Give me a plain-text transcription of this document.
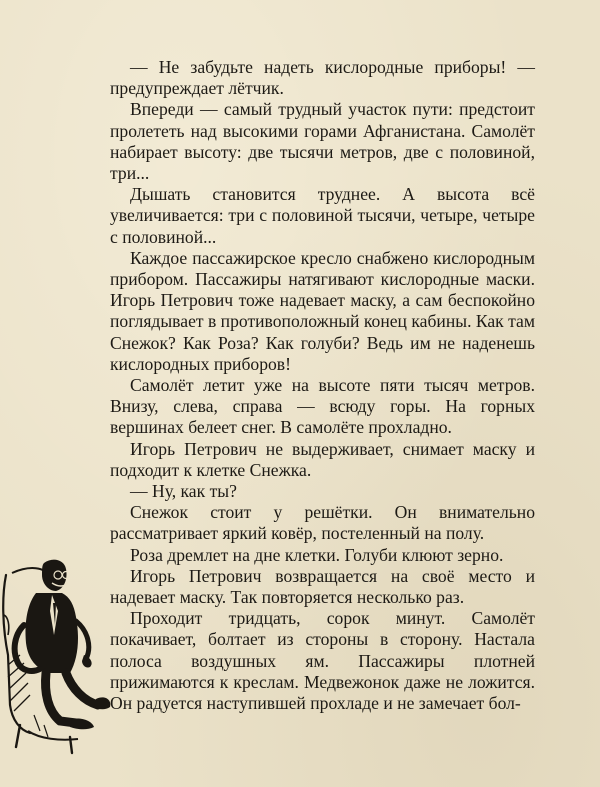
— Не забудьте надеть кислородные приборы! — предупреждает лётчик.

Впереди — самый трудный участок пути: предстоит пролететь над высокими горами Афганистана. Самолёт набирает высоту: две тысячи метров, две с половиной, три...

Дышать становится труднее. А высота всё увеличивается: три с половиной тысячи, четыре, четыре с половиной...

Каждое пассажирское кресло снабжено кислородным прибором. Пассажиры натягивают кислородные маски. Игорь Петрович тоже надевает маску, а сам беспокойно поглядывает в противоположный конец кабины. Как там Снежок? Как Роза? Как голуби? Ведь им не наденешь кислородных приборов!

Самолёт летит уже на высоте пяти тысяч метров. Внизу, слева, справа — всюду горы. На горных вершинах белеет снег. В самолёте прохладно.

Игорь Петрович не выдерживает, снимает маску и подходит к клетке Снежка.

— Ну, как ты?

Снежок стоит у решётки. Он внимательно рассматривает яркий ковёр, постеленный на полу.

Роза дремлет на дне клетки. Голуби клюют зерно.

Игорь Петрович возвращается на своё место и надевает маску. Так повторяется несколько раз.

Проходит тридцать, сорок минут. Самолёт покачивает, болтает из стороны в сторону. Настала полоса воздушных ям. Пассажиры плотней прижимаются к креслам. Медвежонок даже не ложится. Он радуется наступившей прохладе и не замечает бол-
